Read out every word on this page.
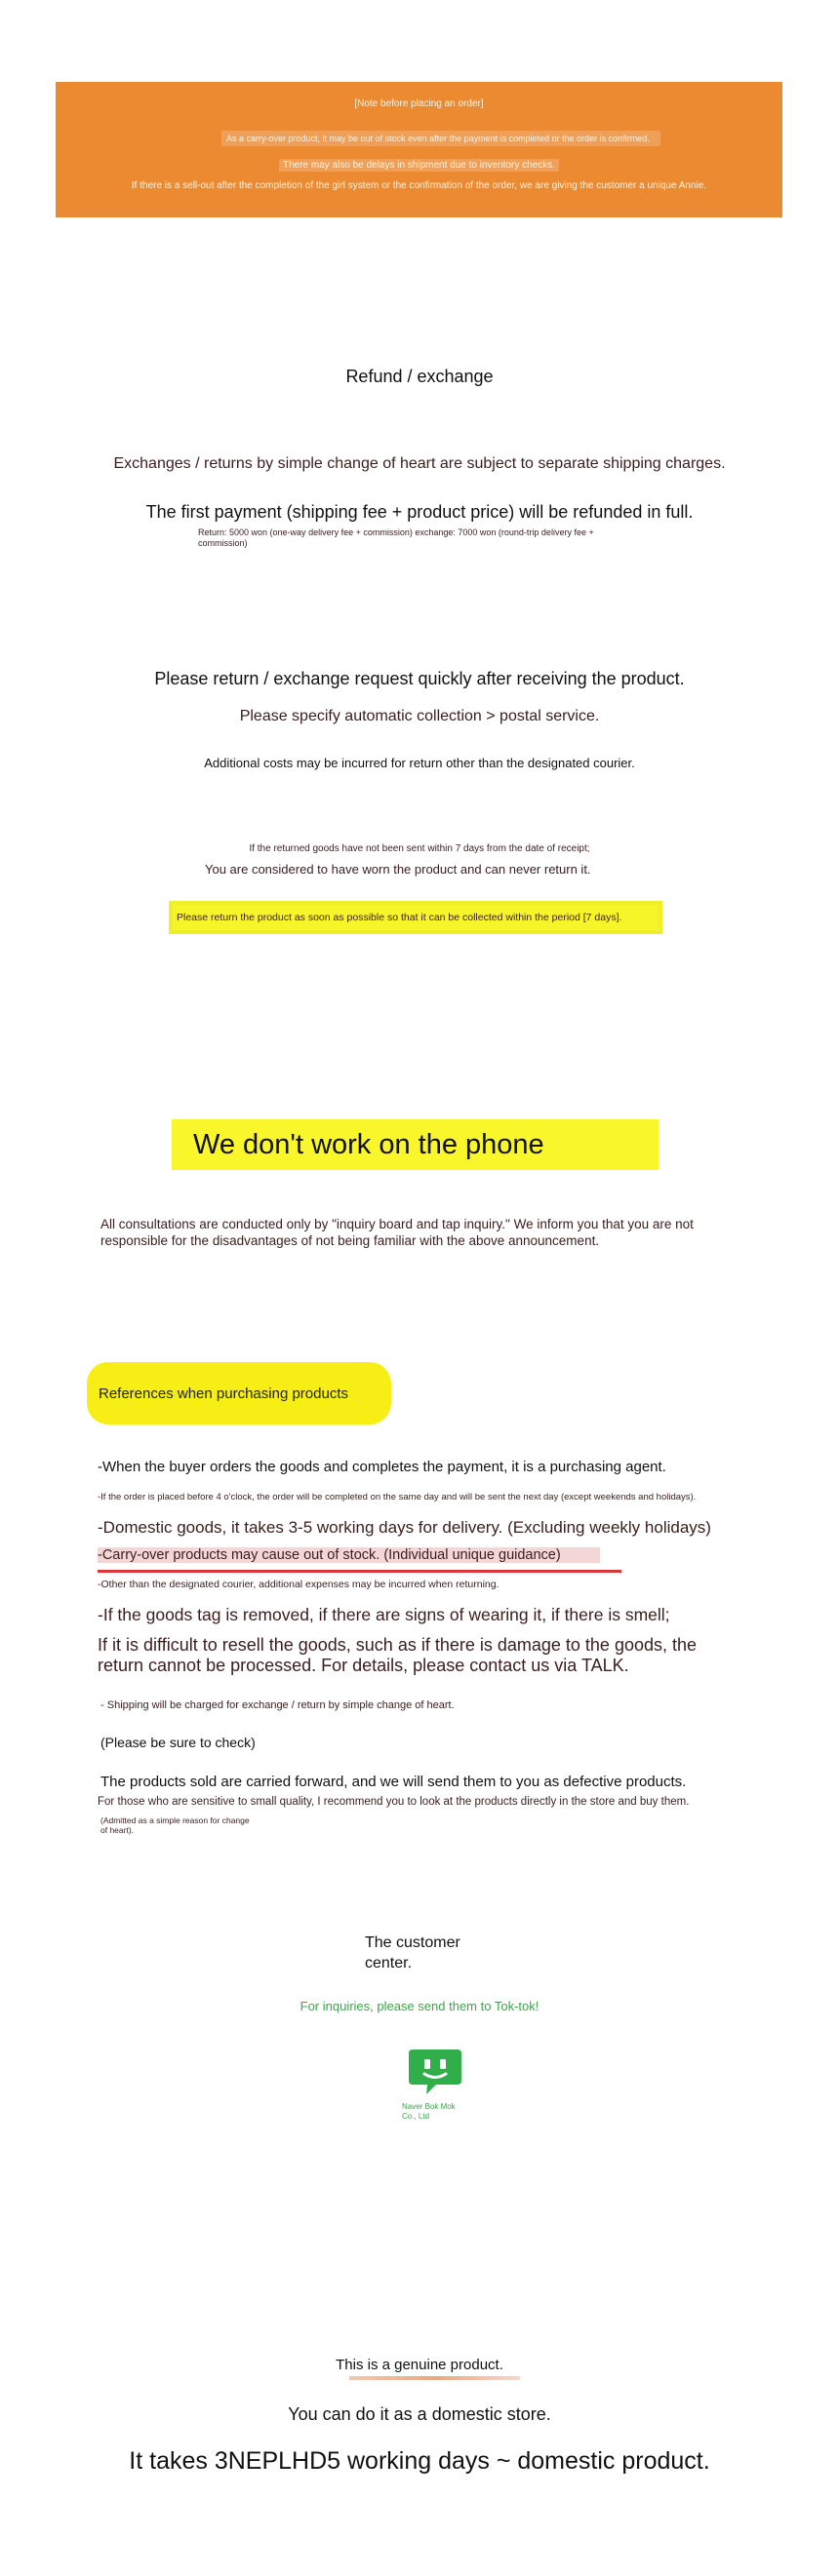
[Note before placing an order]
As a carry-over product, it may be out of stock even after the payment is completed or the order is confirmed.
There may also be delays in shipment due to inventory checks.
If there is a sell-out after the completion of the girl system or the confirmation of the order, we are giving the customer a unique Annie.
Refund / exchange
Exchanges / returns by simple change of heart are subject to separate shipping charges.
The first payment (shipping fee + product price) will be refunded in full.
Return: 5000 won (one-way delivery fee + commission) exchange: 7000 won (round-trip delivery fee + commission)
Please return / exchange request quickly after receiving the product.
Please specify automatic collection > postal service.
Additional costs may be incurred for return other than the designated courier.
If the returned goods have not been sent within 7 days from the date of receipt;
You are considered to have worn the product and can never return it.
Please return the product as soon as possible so that it can be collected within the period [7 days].
We don't work on the phone
All consultations are conducted only by "inquiry board and tap inquiry." We inform you that you are not responsible for the disadvantages of not being familiar with the above announcement.
References when purchasing products
-When the buyer orders the goods and completes the payment, it is a purchasing agent.
-If the order is placed before 4 o'clock, the order will be completed on the same day and will be sent the next day (except weekends and holidays).
-Domestic goods, it takes 3-5 working days for delivery. (Excluding weekly holidays)
-Carry-over products may cause out of stock. (Individual unique guidance)
-Other than the designated courier, additional expenses may be incurred when returning.
-If the goods tag is removed, if there are signs of wearing it, if there is smell;
If it is difficult to resell the goods, such as if there is damage to the goods, the return cannot be processed. For details, please contact us via TALK.
- Shipping will be charged for exchange / return by simple change of heart.
(Please be sure to check)
The products sold are carried forward, and we will send them to you as defective products.
For those who are sensitive to small quality, I recommend you to look at the products directly in the store and buy them.
(Admitted as a simple reason for change of heart).
The customer center.
For inquiries, please send them to Tok-tok!
Naver Bok Mok Co., Ltd
This is a genuine product.
You can do it as a domestic store.
It takes 3NEPLHD5 working days ~ domestic product.
